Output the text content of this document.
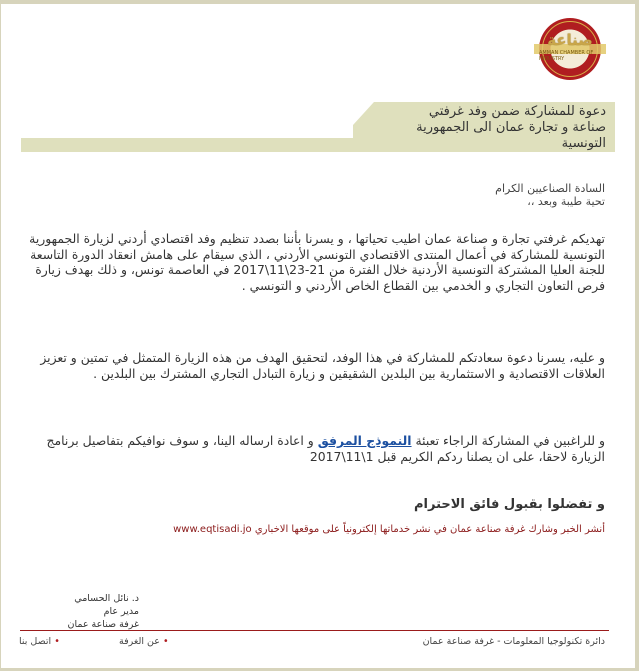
صناعة
AMMAN CHAMBER OF INDUSTRY
دعوة للمشاركة ضمن وفد غرفتي
صناعة و تجارة عمان الى الجمهورية
التونسية
السادة الصناعيين الكرام
تحية طيبة وبعد ،،

تهديكم غرفتي تجارة و صناعة عمان اطيب تحياتها ، و يسرنا بأننا بصدد تنظيم وفد اقتصادي أردني لزيارة الجمهورية التونسية للمشاركة في أعمال المنتدى الاقتصادي التونسي الأردني ، الذي سيقام على هامش انعقاد الدورة التاسعة للجنة العليا المشتركة التونسية الأردنية خلال الفترة من 21-23\11\2017 في العاصمة تونس، و ذلك بهدف زيارة فرص التعاون التجاري و الخدمي بين القطاع الخاص الأردني و التونسي .

و عليه، يسرنا دعوة سعادتكم للمشاركة في هذا الوفد، لتحقيق الهدف من هذه الزيارة المتمثل في تمتين و تعزيز العلاقات الاقتصادية و الاستثمارية بين البلدين الشقيقين و زيارة التبادل التجاري المشترك بين البلدين .

و للراغبين في المشاركة الراجاء تعبئة النموذج المرفق و اعادة ارساله الينا، و سوف نوافيكم بتفاصيل برنامج الزيارة لاحقا، على ان يصلنا ردكم الكريم قبل 1\11\2017

و تفضلوا بقبول فائق الاحترام
أنشر الخبر وشارك غرفة صناعة عمان في نشر خدماتها إلكترونياً على موقعها الاخباري www.eqtisadi.jo
د. نائل الحسامي
مدير عام
غرفة صناعة عمان
• اتصل بنا	• عن الغرفة	دائرة تكنولوجيا المعلومات - غرفة صناعة عمان
